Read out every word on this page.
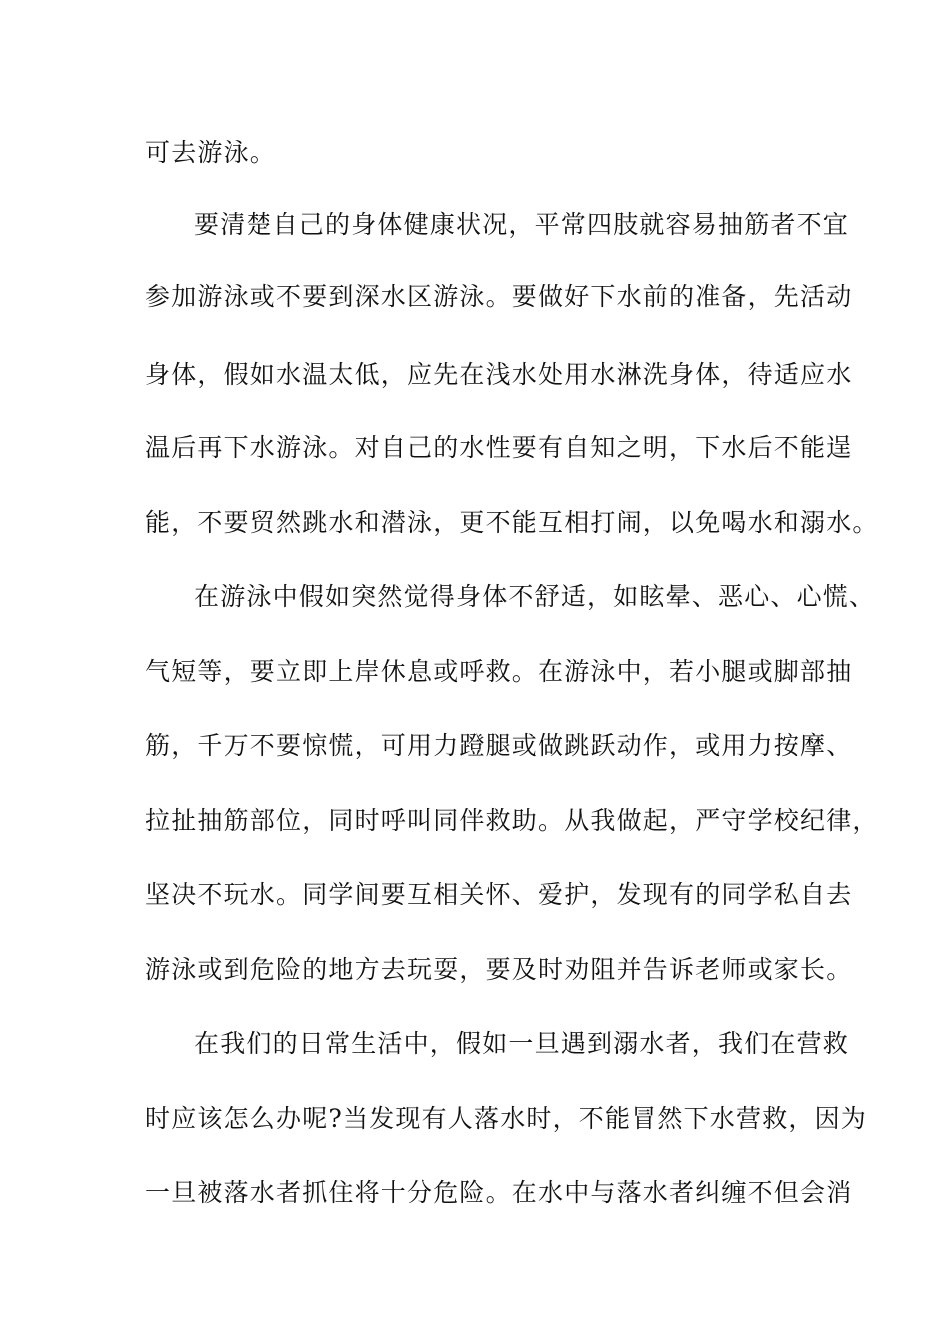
可去游泳。
要清楚自己的身体健康状况，平常四肢就容易抽筋者不宜
参加游泳或不要到深水区游泳。要做好下水前的准备，先活动
身体，假如水温太低，应先在浅水处用水淋洗身体，待适应水
温后再下水游泳。对自己的水性要有自知之明，下水后不能逞
能，不要贸然跳水和潜泳，更不能互相打闹，以免喝水和溺水。
在游泳中假如突然觉得身体不舒适，如眩晕、恶心、心慌、
气短等，要立即上岸休息或呼救。在游泳中，若小腿或脚部抽
筋，千万不要惊慌，可用力蹬腿或做跳跃动作，或用力按摩、
拉扯抽筋部位，同时呼叫同伴救助。从我做起，严守学校纪律，
坚决不玩水。同学间要互相关怀、爱护，发现有的同学私自去
游泳或到危险的地方去玩耍，要及时劝阻并告诉老师或家长。
在我们的日常生活中，假如一旦遇到溺水者，我们在营救
时应该怎么办呢?当发现有人落水时，不能冒然下水营救，因为
一旦被落水者抓住将十分危险。在水中与落水者纠缠不但会消
